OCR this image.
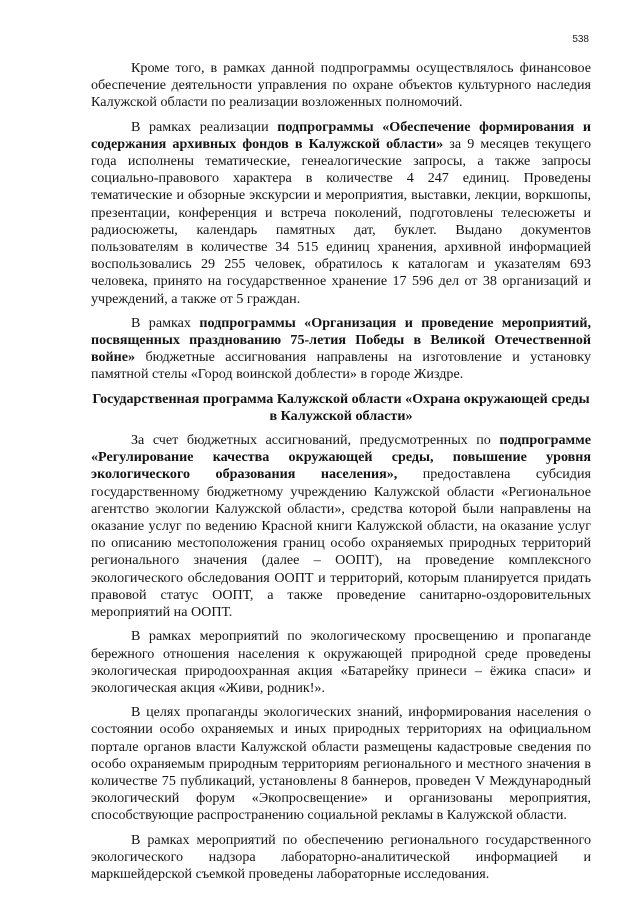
538

Кроме того, в рамках данной подпрограммы осуществлялось финансовое обеспечение деятельности управления по охране объектов культурного наследия Калужской области по реализации возложенных полномочий.

В рамках реализации подпрограммы «Обеспечение формирования и содержания архивных фондов в Калужской области» за 9 месяцев текущего года исполнены тематические, генеалогические запросы, а также запросы социально-правового характера в количестве 4 247 единиц. Проведены тематические и обзорные экскурсии и мероприятия, выставки, лекции, воркшопы, презентации, конференция и встреча поколений, подготовлены телесюжеты и радиосюжеты, календарь памятных дат, буклет. Выдано документов пользователям в количестве 34 515 единиц хранения, архивной информацией воспользовались 29 255 человек, обратилось к каталогам и указателям 693 человека, принято на государственное хранение 17 596 дел от 38 организаций и учреждений, а также от 5 граждан.

В рамках подпрограммы «Организация и проведение мероприятий, посвященных празднованию 75-летия Победы в Великой Отечественной войне» бюджетные ассигнования направлены на изготовление и установку памятной стелы «Город воинской доблести» в городе Жиздре.

Государственная программа Калужской области «Охрана окружающей среды в Калужской области»

За счет бюджетных ассигнований, предусмотренных по подпрограмме «Регулирование качества окружающей среды, повышение уровня экологического образования населения», предоставлена субсидия государственному бюджетному учреждению Калужской области «Региональное агентство экологии Калужской области», средства которой были направлены на оказание услуг по ведению Красной книги Калужской области, на оказание услуг по описанию местоположения границ особо охраняемых природных территорий регионального значения (далее – ООПТ), на проведение комплексного экологического обследования ООПТ и территорий, которым планируется придать правовой статус ООПТ, а также проведение санитарно-оздоровительных мероприятий на ООПТ.

В рамках мероприятий по экологическому просвещению и пропаганде бережного отношения населения к окружающей природной среде проведены экологическая природоохранная акция «Батарейку принеси – ёжика спаси» и экологическая акция «Живи, родник!».

В целях пропаганды экологических знаний, информирования населения о состоянии особо охраняемых и иных природных территориях на официальном портале органов власти Калужской области размещены кадастровые сведения по особо охраняемым природным территориям регионального и местного значения в количестве 75 публикаций, установлены 8 баннеров, проведен V Международный экологический форум «Экопросвещение» и организованы мероприятия, способствующие распространению социальной рекламы в Калужской области.

В рамках мероприятий по обеспечению регионального государственного экологического надзора лабораторно-аналитической информацией и маркшейдерской съемкой проведены лабораторные исследования.
